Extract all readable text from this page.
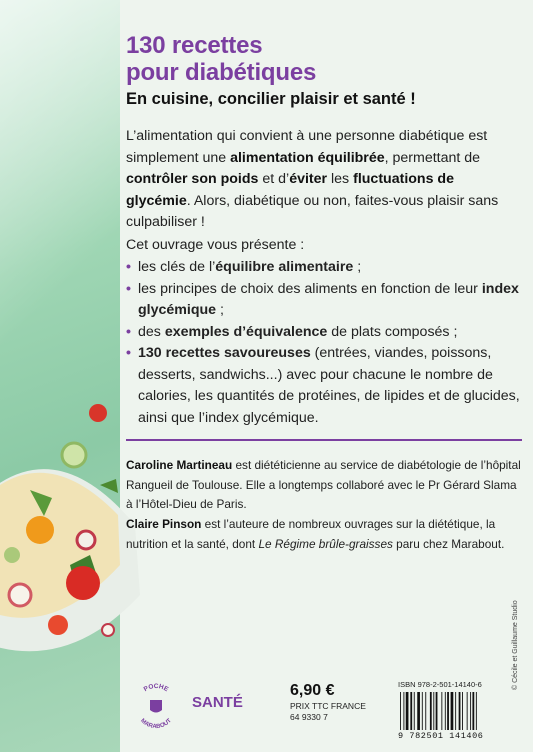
130 recettes
pour diabétiques
En cuisine, concilier plaisir et santé !

L’alimentation qui convient à une personne diabétique est simplement une alimentation équilibrée, permettant de contrôler son poids et d’éviter les fluctuations de glycémie. Alors, diabétique ou non, faites-vous plaisir sans culpabiliser !

Cet ouvrage vous présente :
• les clés de l’équilibre alimentaire ;
• les principes de choix des aliments en fonction de leur index glycémique ;
• des exemples d’équivalence de plats composés ;
• 130 recettes savoureuses (entrées, viandes, poissons, desserts, sandwichs...) avec pour chacune le nombre de calories, les quantités de protéines, de lipides et de glucides, ainsi que l’index glycémique.

Caroline Martineau est diététicienne au service de diabétologie de l’hôpital Rangueil de Toulouse. Elle a longtemps collaboré avec le Pr Gérard Slama à l’Hôtel-Dieu de Paris.

Claire Pinson est l’auteure de nombreux ouvrages sur la diététique, la nutrition et la santé, dont Le Régime brûle-graisses paru chez Marabout.

POCHE
MARABOUT
SANTÉ
6,90 €
PRIX TTC FRANCE
64 9330 7
ISBN 978-2-501-14140-6
9 782501 141406
© Cécile et Guillaume Studio
